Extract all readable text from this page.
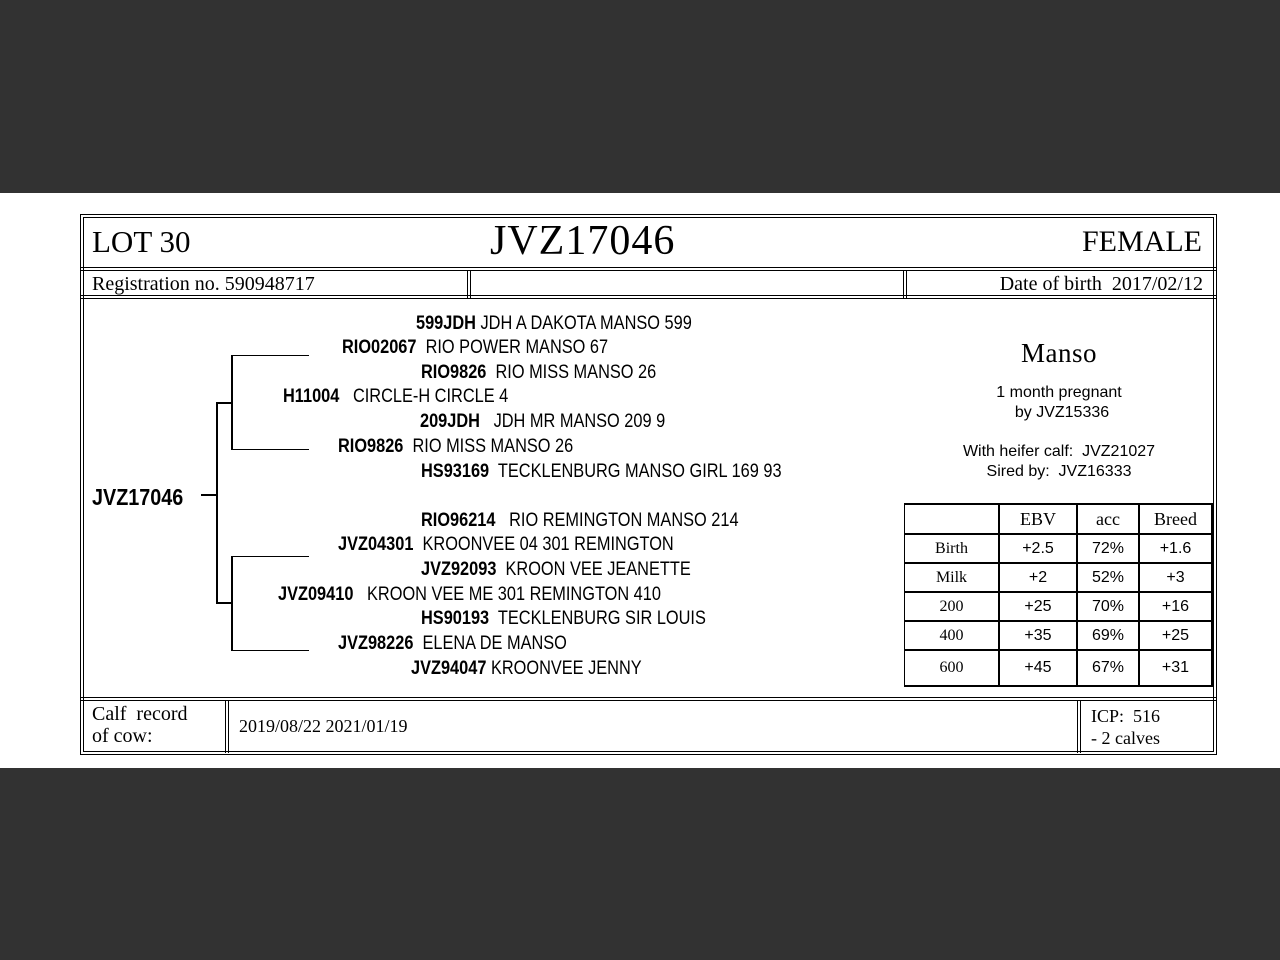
LOT 30	JVZ17046	FEMALE
Registration no. 590948717	Date of birth  2017/02/12
JVZ17046
599JDH JDH A DAKOTA MANSO 599
RIO02067 RIO POWER MANSO 67
RIO9826 RIO MISS MANSO 26
H11004 CIRCLE-H CIRCLE 4
209JDH JDH MR MANSO 209 9
RIO9826 RIO MISS MANSO 26
HS93169 TECKLENBURG MANSO GIRL 169 93
RIO96214 RIO REMINGTON MANSO 214
JVZ04301 KROONVEE 04 301 REMINGTON
JVZ92093 KROON VEE JEANETTE
JVZ09410 KROON VEE ME 301 REMINGTON 410
HS90193 TECKLENBURG SIR LOUIS
JVZ98226 ELENA DE MANSO
JVZ94047 KROONVEE JENNY
Manso
1 month pregnant
by JVZ15336
With heifer calf:  JVZ21027
Sired by:  JVZ16333
	EBV	acc	Breed
Birth	+2.5	72%	+1.6
Milk	+2	52%	+3
200	+25	70%	+16
400	+35	69%	+25
600	+45	67%	+31
Calf  record
of cow:	2019/08/22 2021/01/19	ICP:  516
- 2 calves
